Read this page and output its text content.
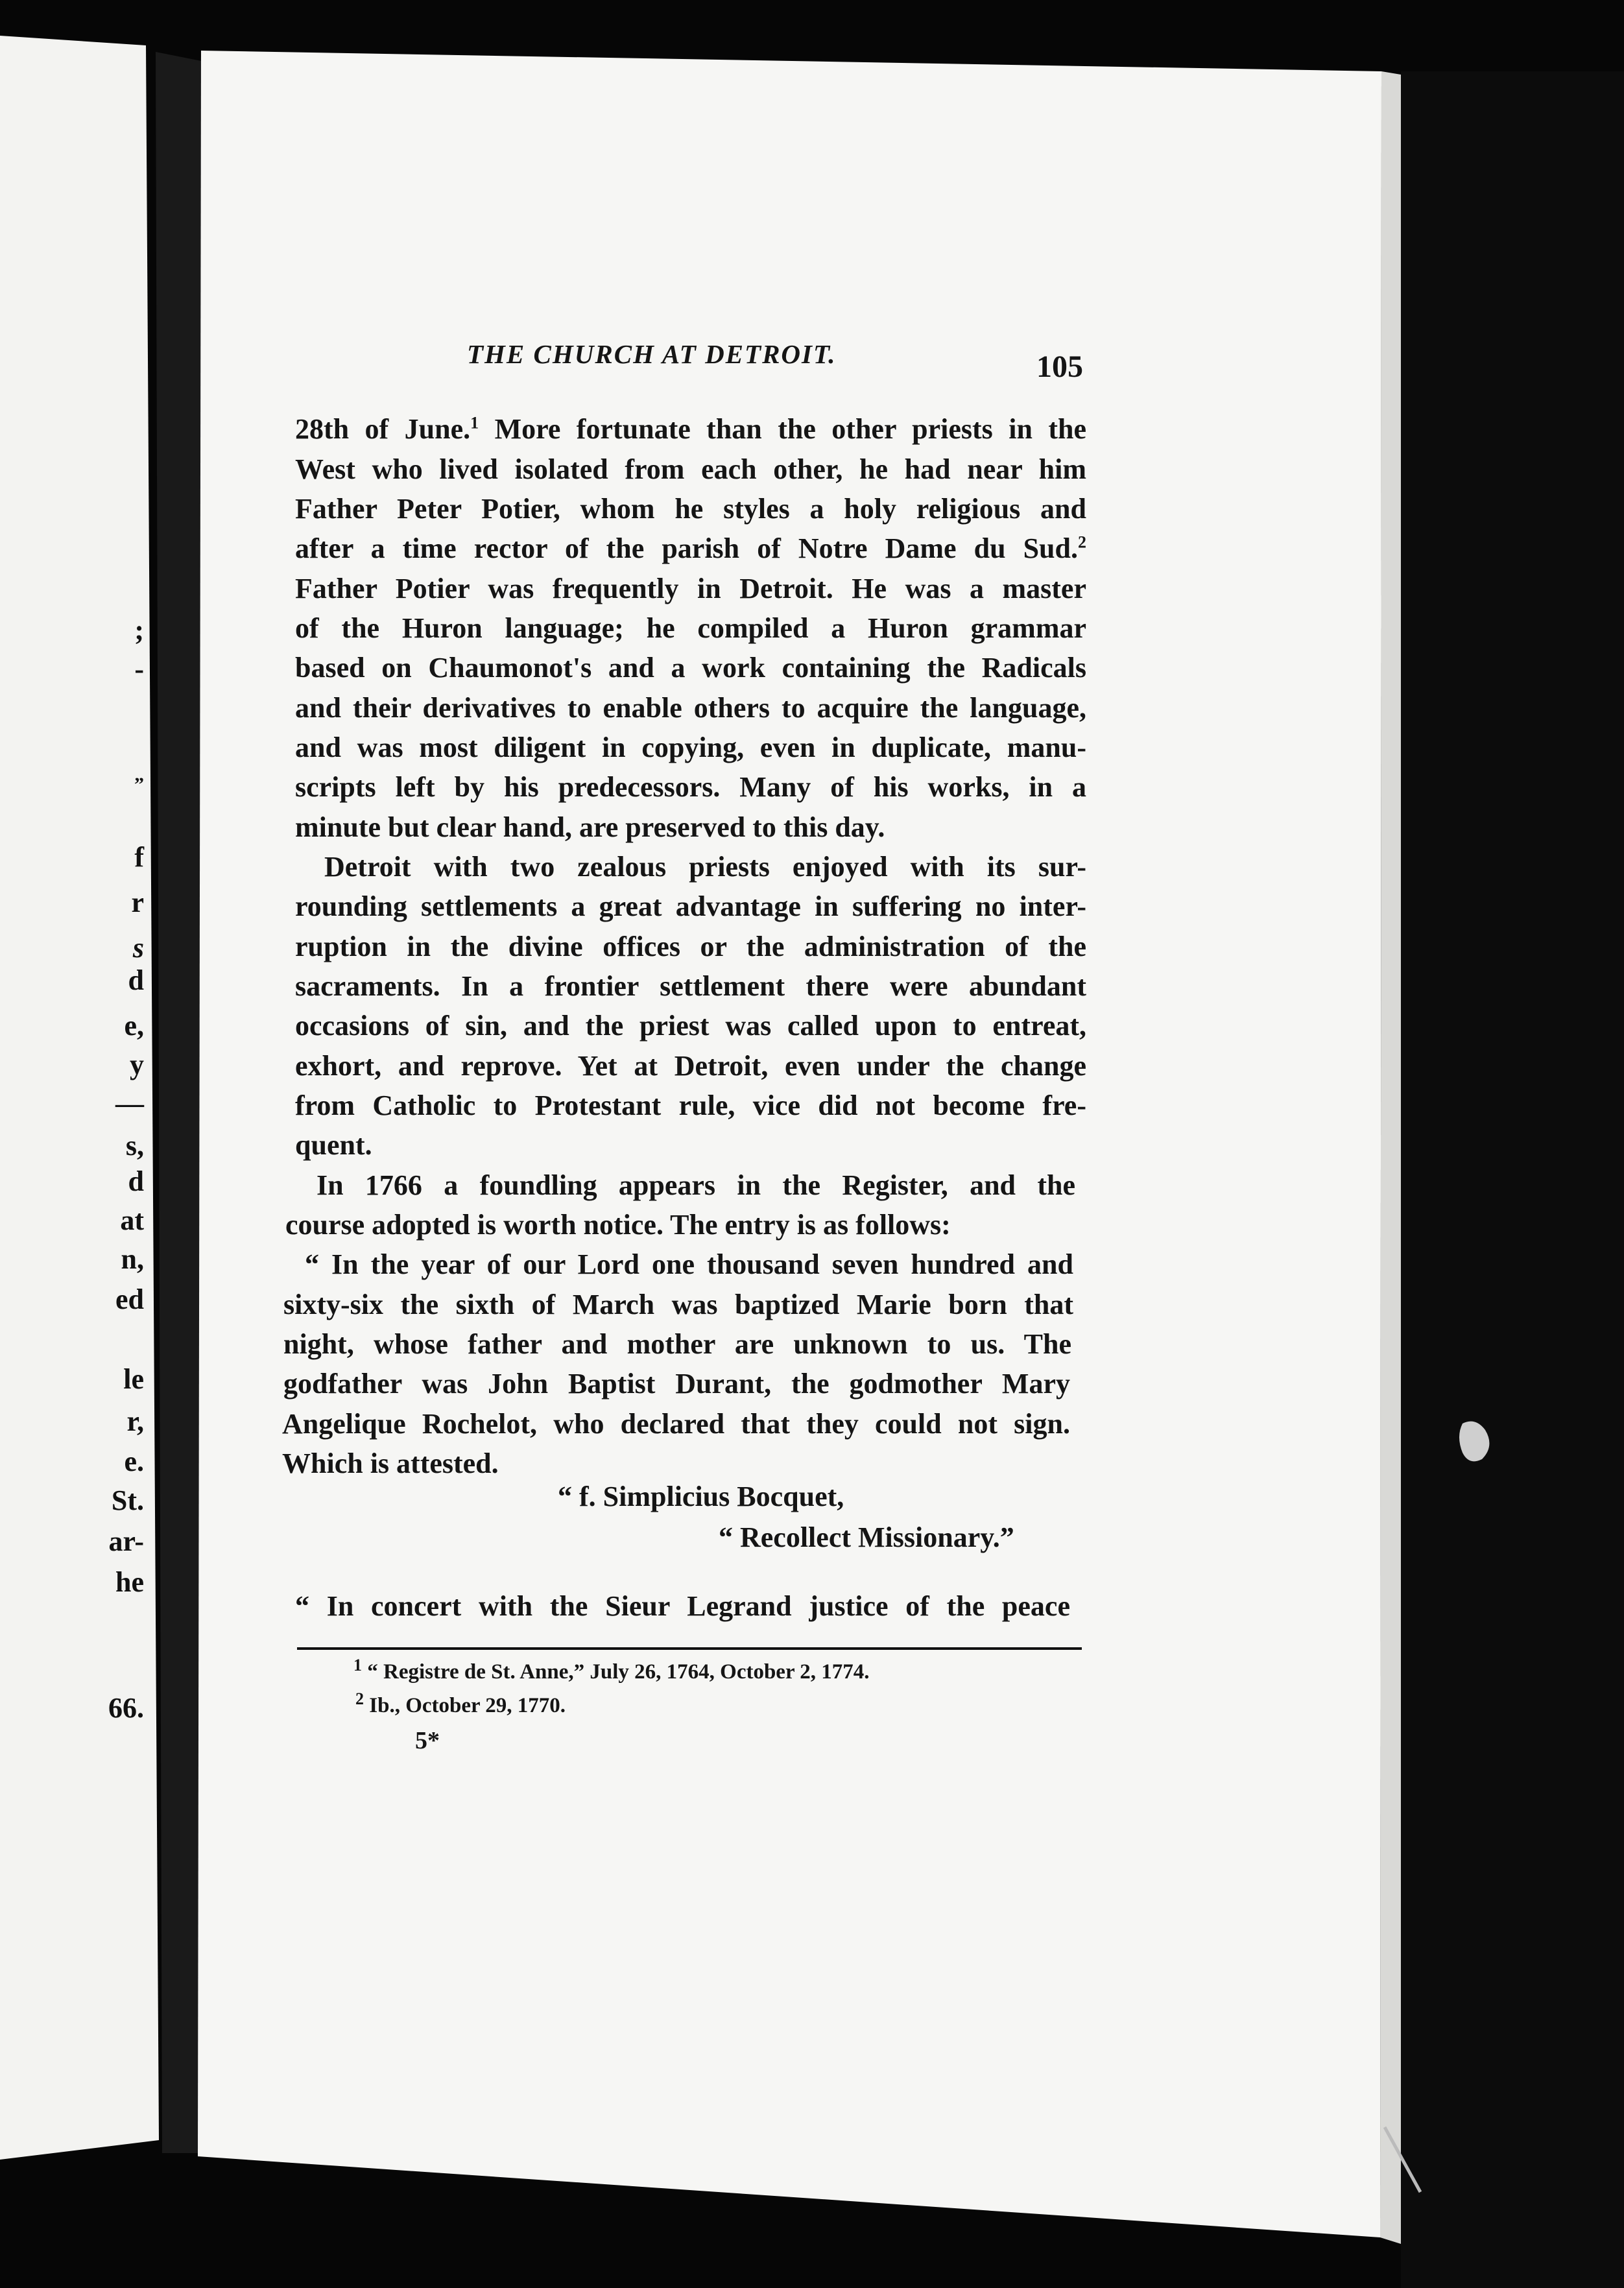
;
-
”
f
r
s
d
e,
y
—
s,
d
at
n,
ed
le
r,
e.
St.
ar-
he
66.
THE CHURCH AT DETROIT.	105
28th of June.$^1$ More fortunate than the other priests in the
West who lived isolated from each other, he had near him
Father Peter Potier, whom he styles a holy religious and
after a time rector of the parish of Notre Dame du Sud.$^2$
Father Potier was frequently in Detroit. He was a master
of the Huron language; he compiled a Huron grammar
based on Chaumonot's and a work containing the Radicals
and their derivatives to enable others to acquire the language,
and was most diligent in copying, even in duplicate, manu-
scripts left by his predecessors. Many of his works, in a
minute but clear hand, are preserved to this day.
Detroit with two zealous priests enjoyed with its sur-
rounding settlements a great advantage in suffering no inter-
ruption in the divine offices or the administration of the
sacraments. In a frontier settlement there were abundant
occasions of sin, and the priest was called upon to entreat,
exhort, and reprove. Yet at Detroit, even under the change
from Catholic to Protestant rule, vice did not become fre-
quent.
In 1766 a foundling appears in the Register, and the
course adopted is worth notice. The entry is as follows:
“ In the year of our Lord one thousand seven hundred and
sixty-six the sixth of March was baptized Marie born that
night, whose father and mother are unknown to us. The
godfather was John Baptist Durant, the godmother Mary
Angelique Rochelot, who declared that they could not sign.
Which is attested.
“ f. Simplicius Bocquet,
“ Recollect Missionary.”
“ In concert with the Sieur Legrand justice of the peace
$^1$ “ Registre de St. Anne,” July 26, 1764, October 2, 1774.
$^2$ Ib., October 29, 1770.
5*
